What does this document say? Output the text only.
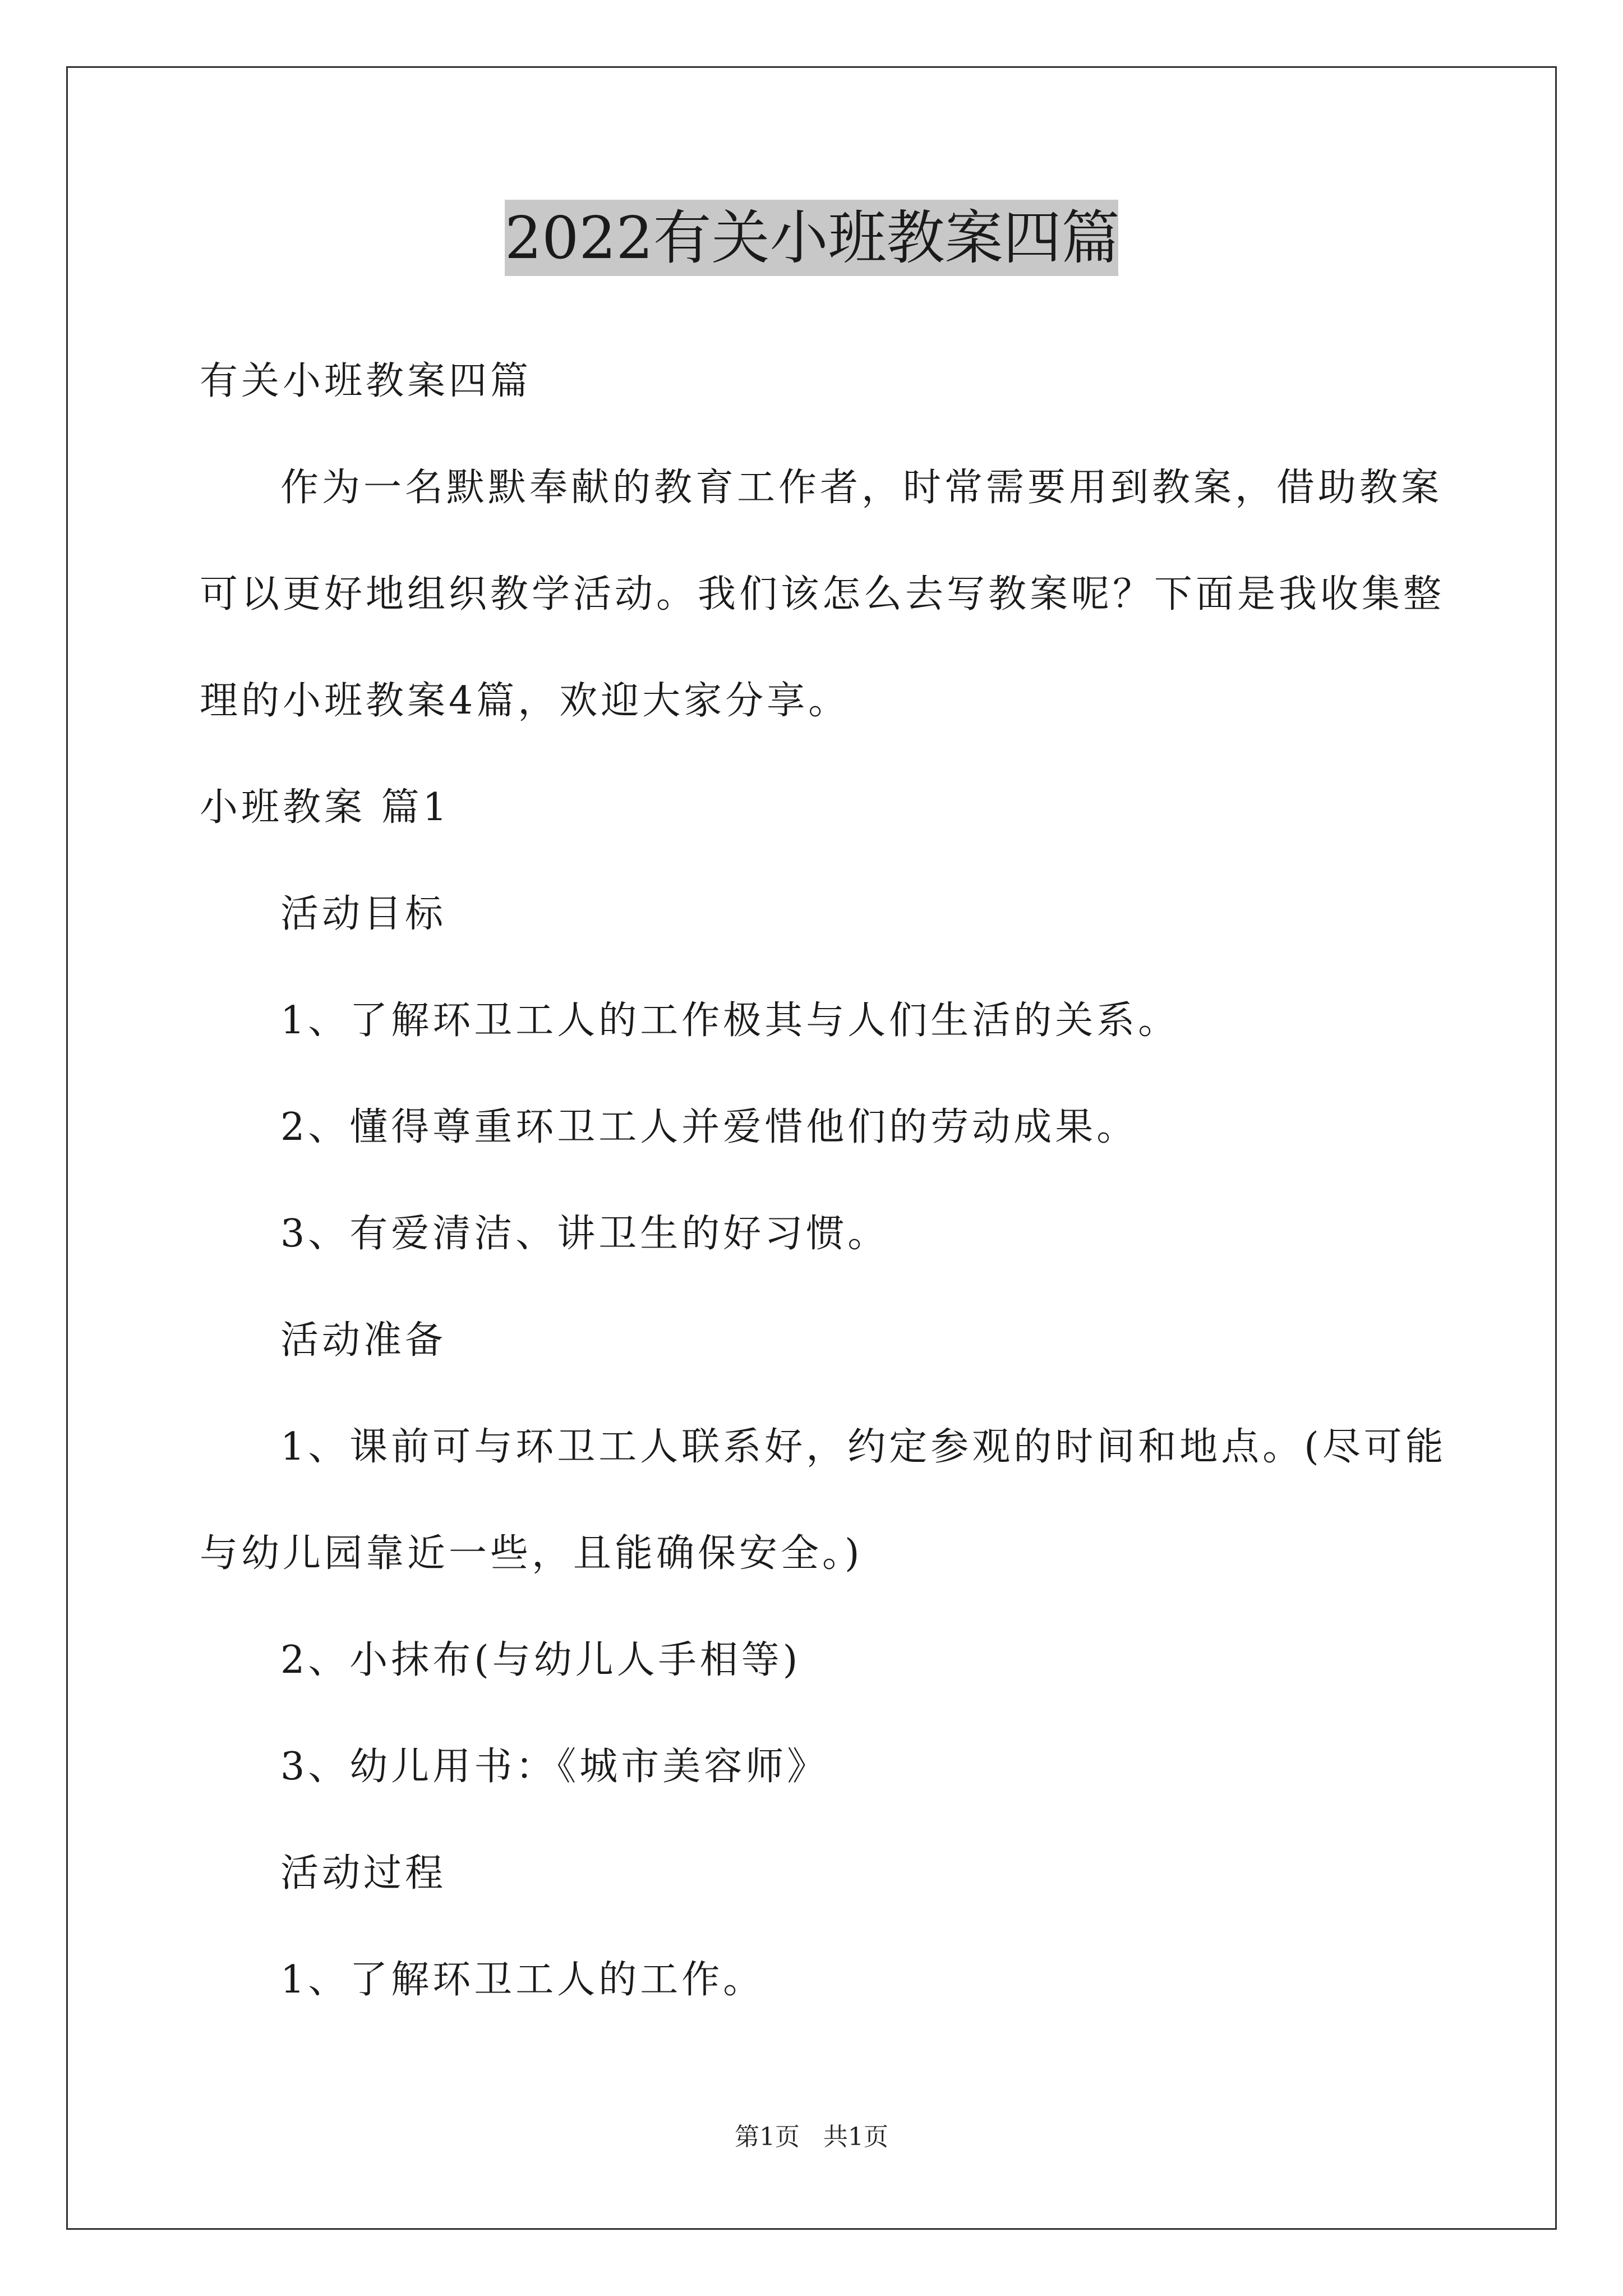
2022有关小班教案四篇
有关小班教案四篇
作为一名默默奉献的教育工作者，时常需要用到教案，借助教案
可以更好地组织教学活动。我们该怎么去写教案呢？下面是我收集整
理的小班教案4篇，欢迎大家分享。
小班教案 篇1
活动目标
1、了解环卫工人的工作极其与人们生活的关系。
2、懂得尊重环卫工人并爱惜他们的劳动成果。
3、有爱清洁、讲卫生的好习惯。
活动准备
1、课前可与环卫工人联系好，约定参观的时间和地点。(尽可能
与幼儿园靠近一些，且能确保安全。)
2、小抹布(与幼儿人手相等)
3、幼儿用书：《城市美容师》
活动过程
1、了解环卫工人的工作。
第1页 共1页
